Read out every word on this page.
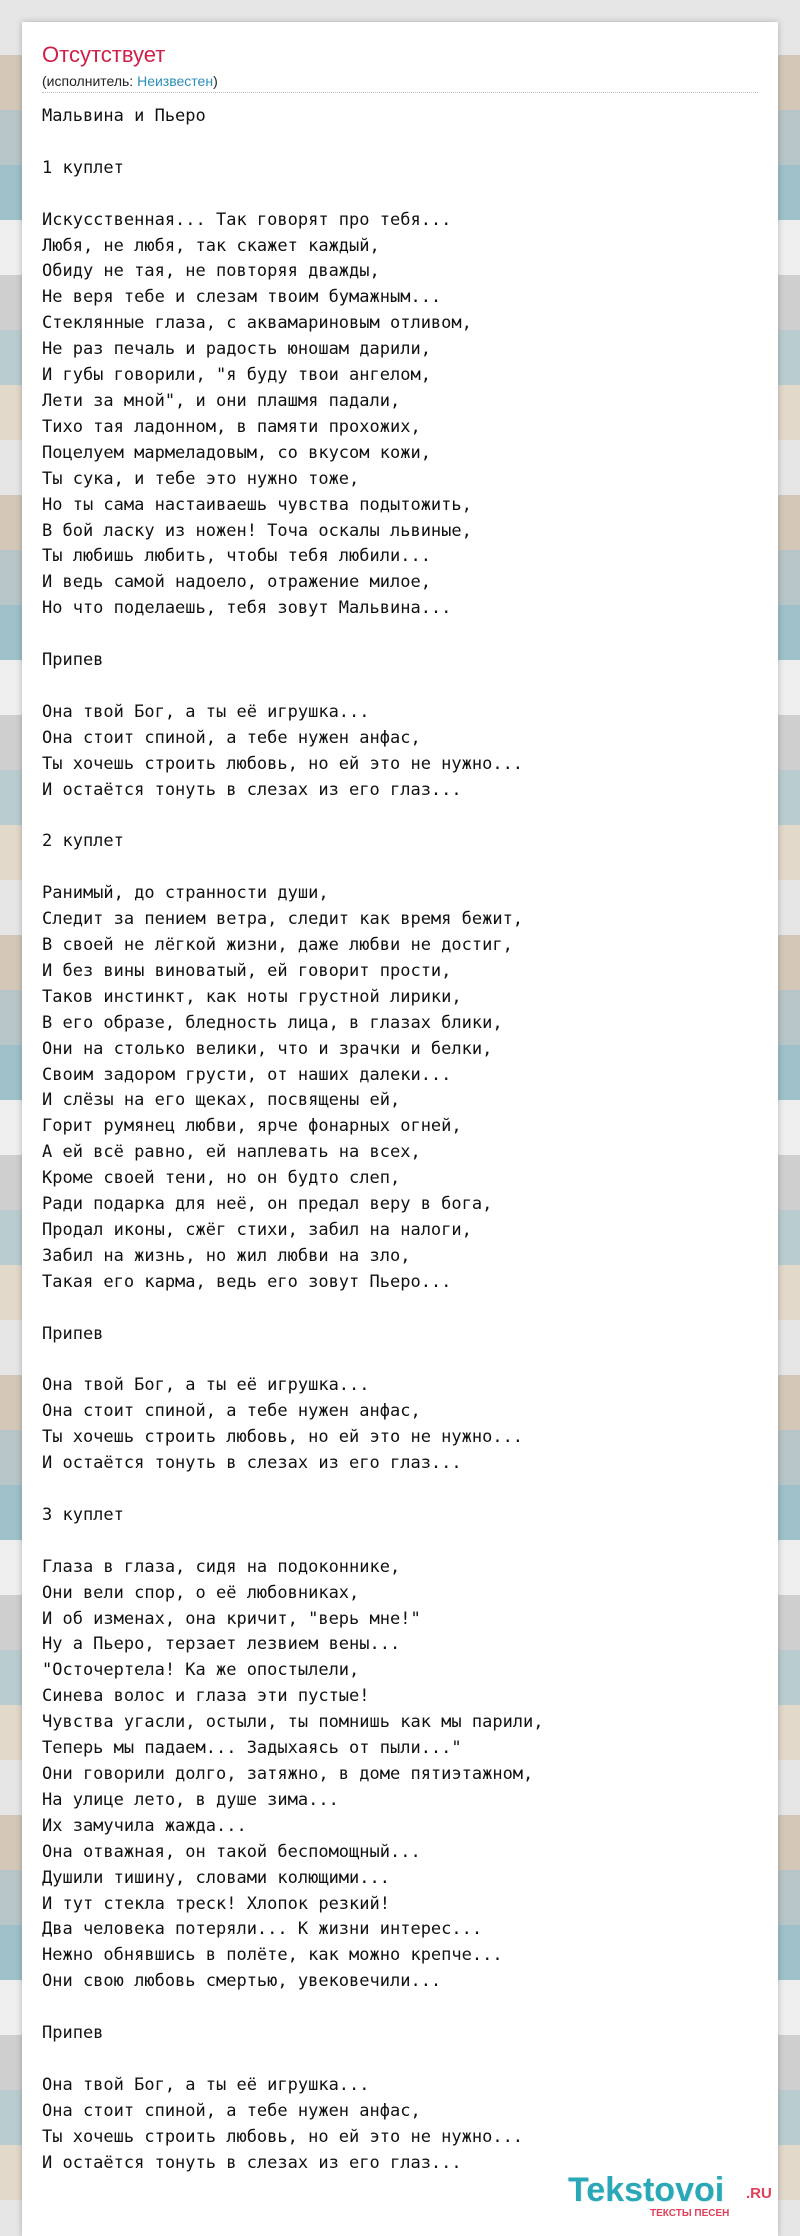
Отсутствует
(исполнитель: Неизвестен)
Мальвина и Пьеро

1 куплет

Искусственная... Так говорят про тебя...
Любя, не любя, так скажет каждый,
Обиду не тая, не повторяя дважды,
Не веря тебе и слезам твоим бумажным...
Стеклянные глаза, с аквамариновым отливом,
Не раз печаль и радость юношам дарили,
И губы говорили, "я буду твои ангелом,
Лети за мной", и они плашмя падали,
Тихо тая ладонном, в памяти прохожих,
Поцелуем мармеладовым, со вкусом кожи,
Ты сука, и тебе это нужно тоже,
Но ты сама настаиваешь чувства подытожить,
В бой ласку из ножен! Точа оскалы львиные,
Ты любишь любить, чтобы тебя любили...
И ведь самой надоело, отражение милое,
Но что поделаешь, тебя зовут Мальвина...

Припев

Она твой Бог, а ты её игрушка...
Она стоит спиной, а тебе нужен анфас,
Ты хочешь строить любовь, но ей это не нужно...
И остаётся тонуть в слезах из его глаз...

2 куплет

Ранимый, до странности души,
Следит за пением ветра, следит как время бежит,
В своей не лёгкой жизни, даже любви не достиг,
И без вины виноватый, ей говорит прости,
Таков инстинкт, как ноты грустной лирики,
В его образе, бледность лица, в глазах блики,
Они на столько велики, что и зрачки и белки,
Своим задором грусти, от наших далеки...
И слёзы на его щеках, посвящены ей,
Горит румянец любви, ярче фонарных огней,
А ей всё равно, ей наплевать на всех,
Кроме своей тени, но он будто слеп,
Ради подарка для неё, он предал веру в бога,
Продал иконы, сжёг стихи, забил на налоги,
Забил на жизнь, но жил любви на зло,
Такая его карма, ведь его зовут Пьеро...

Припев

Она твой Бог, а ты её игрушка...
Она стоит спиной, а тебе нужен анфас,
Ты хочешь строить любовь, но ей это не нужно...
И остаётся тонуть в слезах из его глаз...

3 куплет

Глаза в глаза, сидя на подоконнике,
Они вели спор, о её любовниках,
И об изменах, она кричит, "верь мне!"
Ну а Пьеро, терзает лезвием вены...
"Осточертела! Ка же опостылели,
Синева волос и глаза эти пустые!
Чувства угасли, остыли, ты помнишь как мы парили,
Теперь мы падаем... Задыхаясь от пыли..."
Они говорили долго, затяжно, в доме пятиэтажном,
На улице лето, в душе зима...
Их замучила жажда...
Она отважная, он такой беспомощный...
Душили тишину, словами колющими...
И тут стекла треск! Хлопок резкий!
Два человека потеряли... К жизни интерес...
Нежно обнявшись в полёте, как можно крепче...
Они свою любовь смертью, увековечили...

Припев

Она твой Бог, а ты её игрушка...
Она стоит спиной, а тебе нужен анфас,
Ты хочешь строить любовь, но ей это не нужно...
И остаётся тонуть в слезах из его глаз...
Tekstovoi .RU
ТЕКСТЫ ПЕСЕН
